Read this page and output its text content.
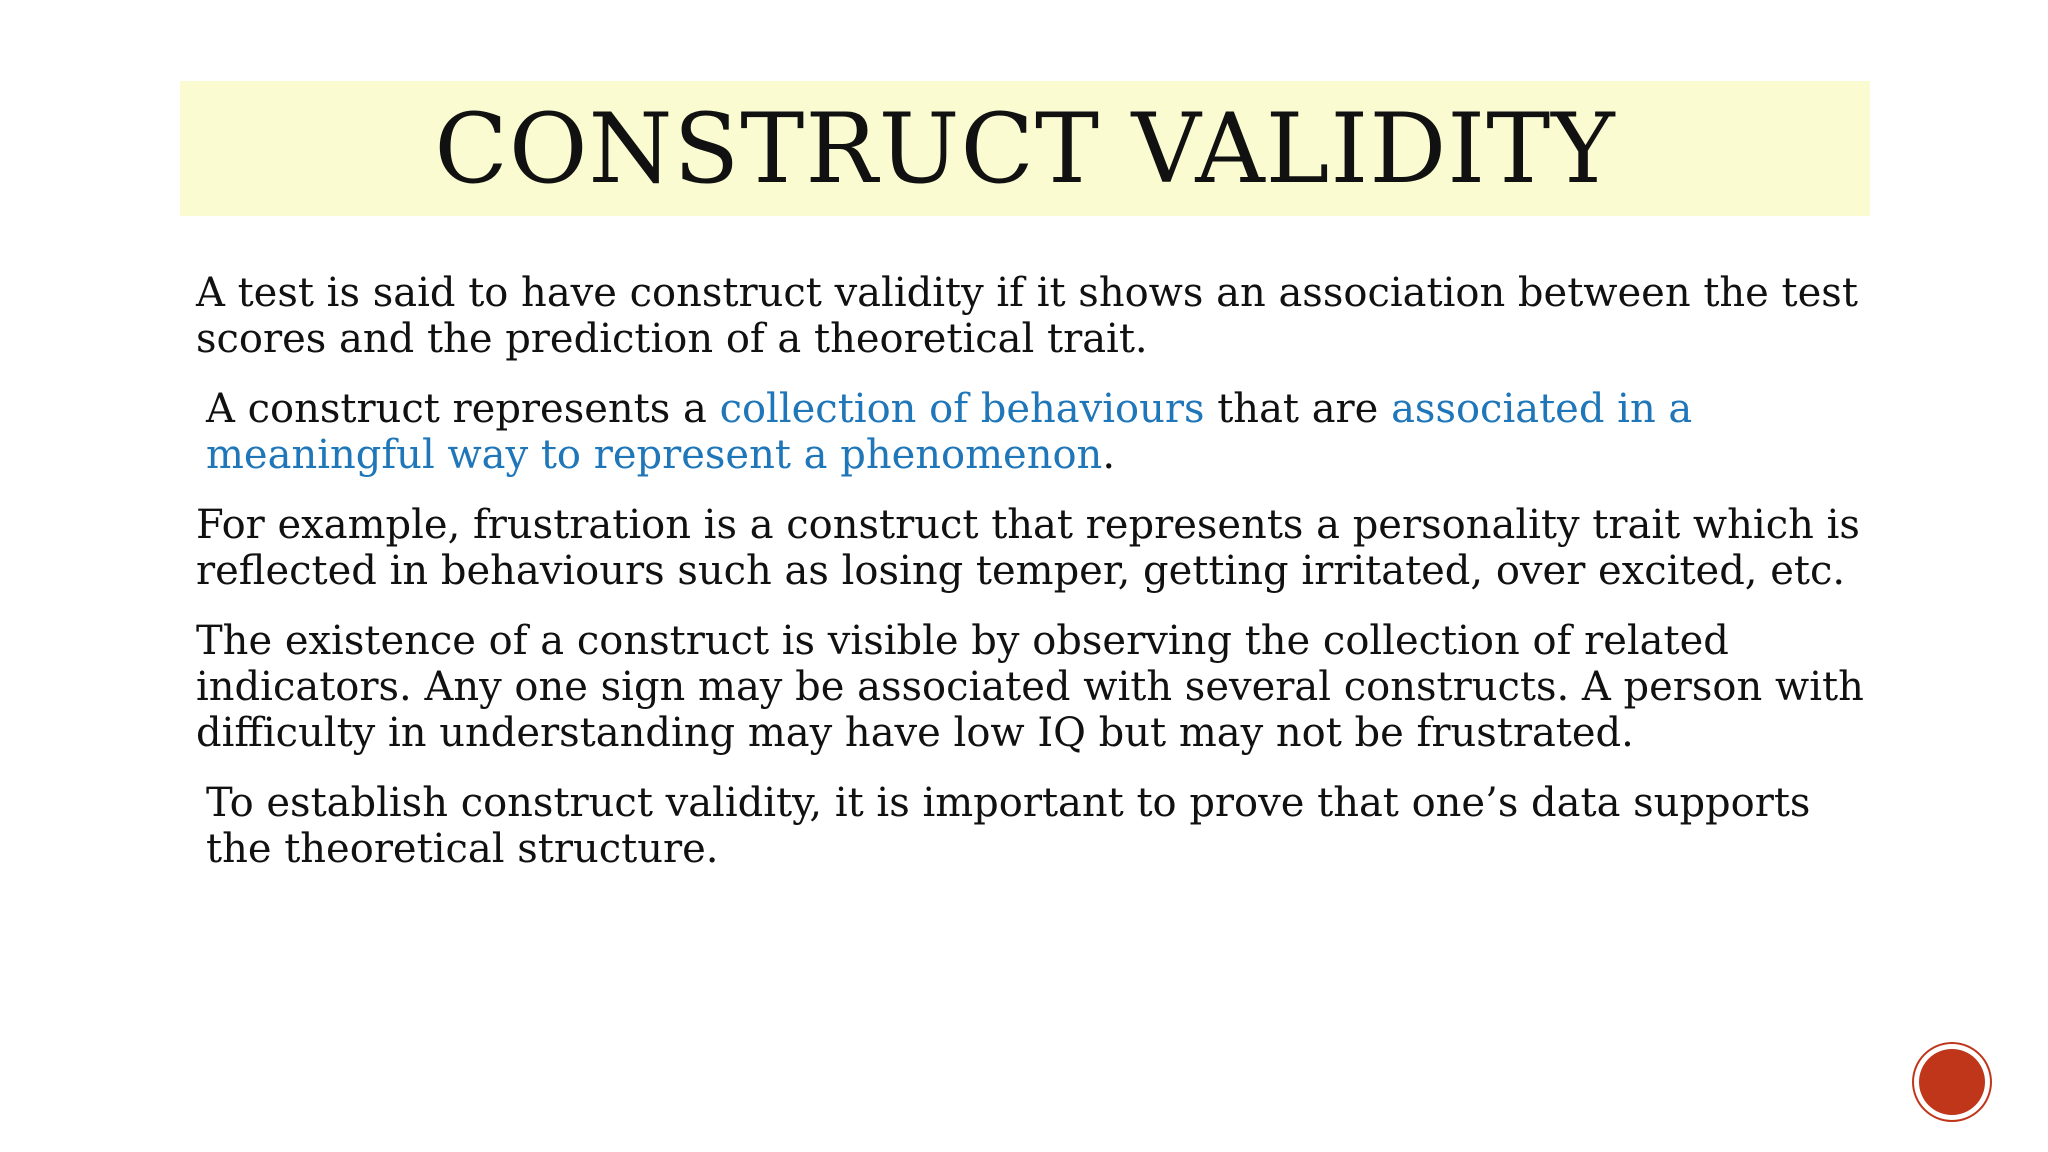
CONSTRUCT VALIDITY

A test is said to have construct validity if it shows an association between the test scores and the prediction of a theoretical trait.

A construct represents a collection of behaviours that are associated in a meaningful way to represent a phenomenon.

For example, frustration is a construct that represents a personality trait which is reflected in behaviours such as losing temper, getting irritated, over excited, etc.

The existence of a construct is visible by observing the collection of related indicators. Any one sign may be associated with several constructs. A person with difficulty in understanding may have low IQ but may not be frustrated.

To establish construct validity, it is important to prove that one’s data supports the theoretical structure.
